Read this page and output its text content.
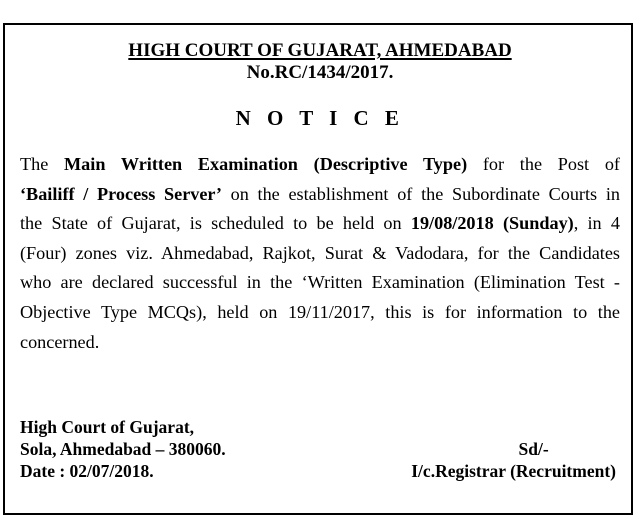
HIGH COURT OF GUJARAT, AHMEDABAD
No.RC/1434/2017.
N O T I C E
The Main Written Examination (Descriptive Type) for the Post of
‘Bailiff / Process Server’ on the establishment of the Subordinate Courts in
the State of Gujarat, is scheduled to be held on 19/08/2018 (Sunday), in 4
(Four) zones viz. Ahmedabad, Rajkot, Surat & Vadodara, for the Candidates
who are declared successful in the ‘Written Examination (Elimination Test -
Objective Type MCQs), held on 19/11/2017, this is for information to the
concerned.
High Court of Gujarat,
Sola, Ahmedabad – 380060.
Date : 02/07/2018.
Sd/-
I/c.Registrar (Recruitment)
